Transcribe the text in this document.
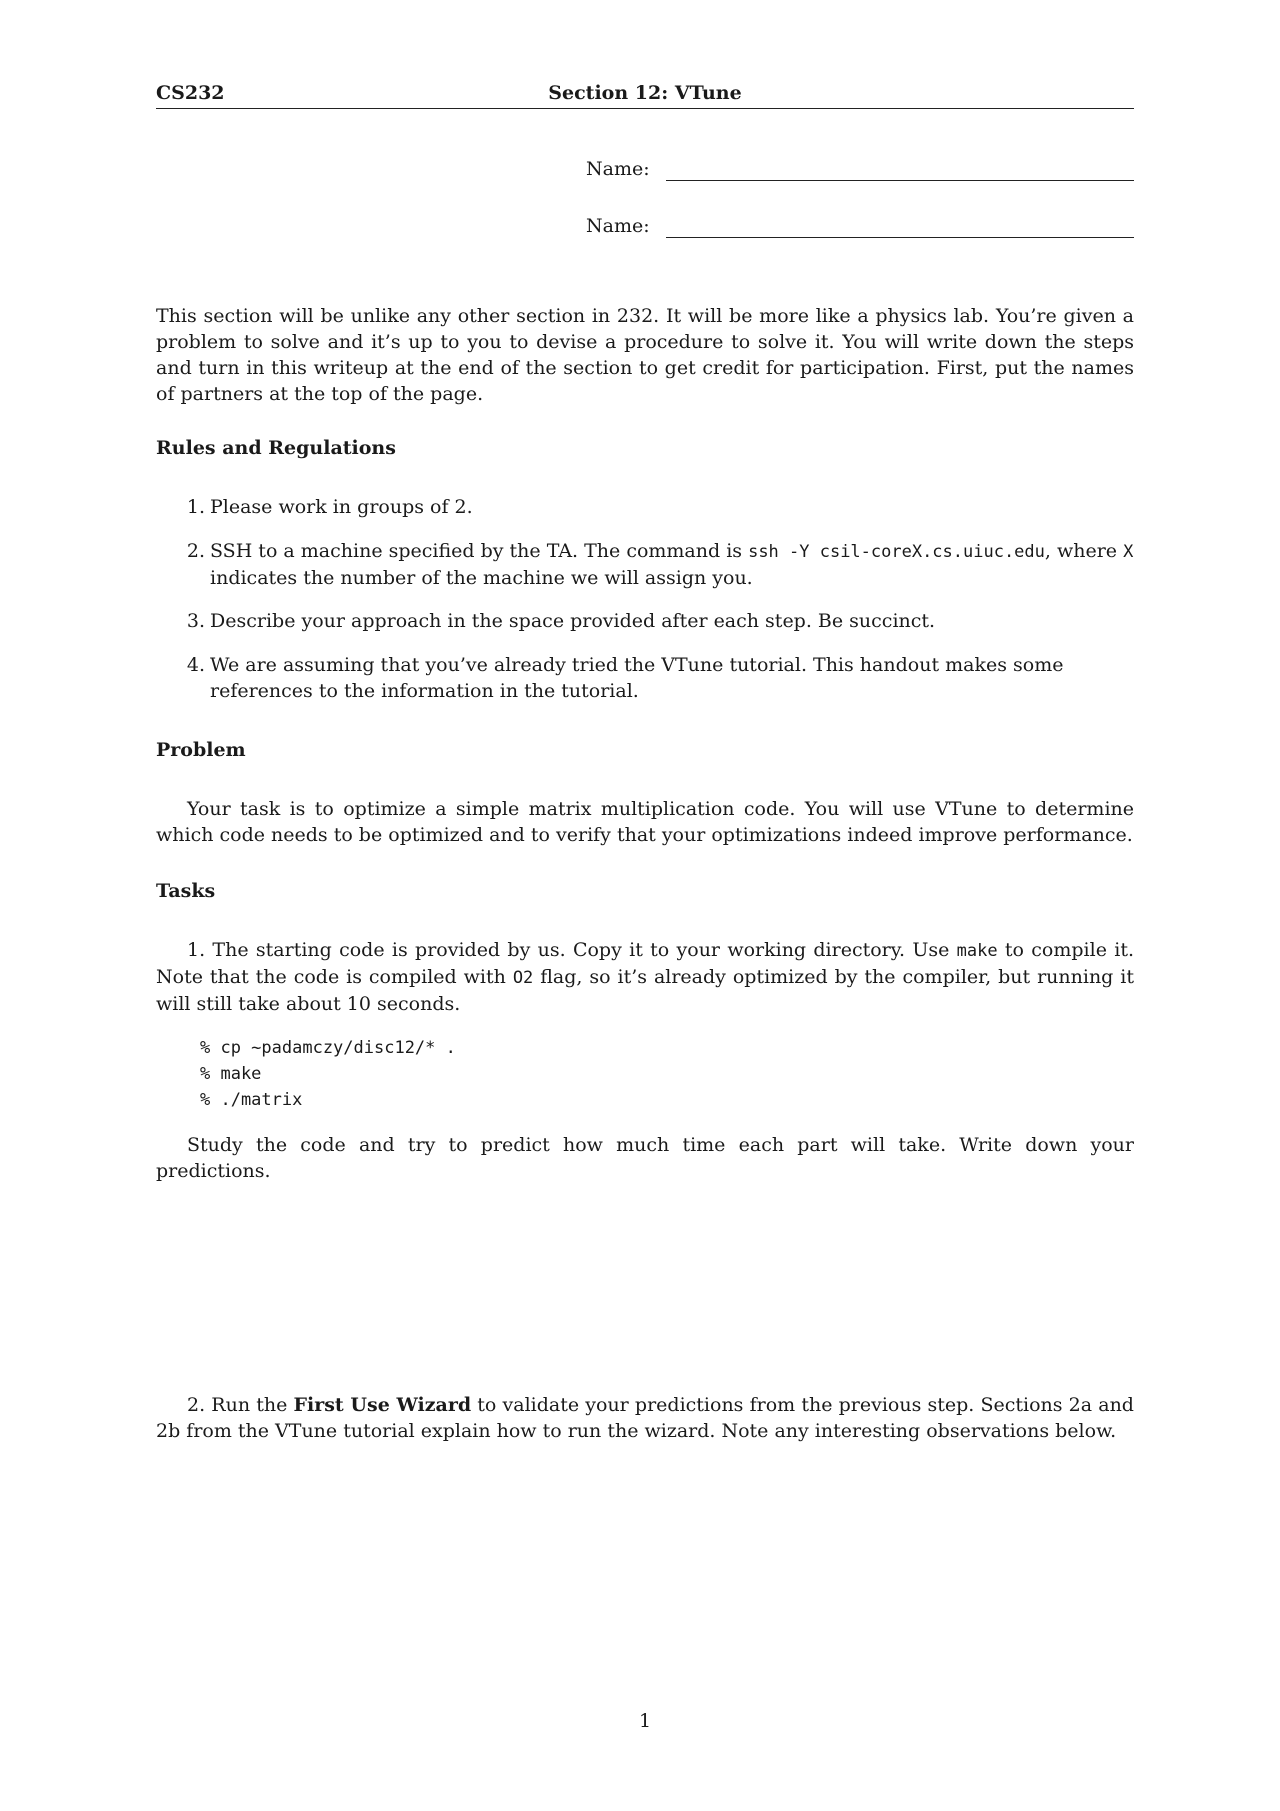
CS232	Section 12: VTune
Name:
Name:
This section will be unlike any other section in 232. It will be more like a physics lab. You’re given a problem to solve and it’s up to you to devise a procedure to solve it. You will write down the steps and turn in this writeup at the end of the section to get credit for participation. First, put the names of partners at the top of the page.
Rules and Regulations
1. Please work in groups of 2.
2. SSH to a machine specified by the TA. The command is ssh -Y csil-coreX.cs.uiuc.edu, where X indicates the number of the machine we will assign you.
3. Describe your approach in the space provided after each step. Be succinct.
4. We are assuming that you’ve already tried the VTune tutorial. This handout makes some references to the information in the tutorial.
Problem
Your task is to optimize a simple matrix multiplication code. You will use VTune to determine which code needs to be optimized and to verify that your optimizations indeed improve performance.
Tasks
1. The starting code is provided by us. Copy it to your working directory. Use make to compile it. Note that the code is compiled with O2 flag, so it’s already optimized by the compiler, but running it will still take about 10 seconds.
% cp ~padamczy/disc12/* .
% make
% ./matrix
Study the code and try to predict how much time each part will take. Write down your predictions.
2. Run the First Use Wizard to validate your predictions from the previous step. Sections 2a and 2b from the VTune tutorial explain how to run the wizard. Note any interesting observations below.
1
